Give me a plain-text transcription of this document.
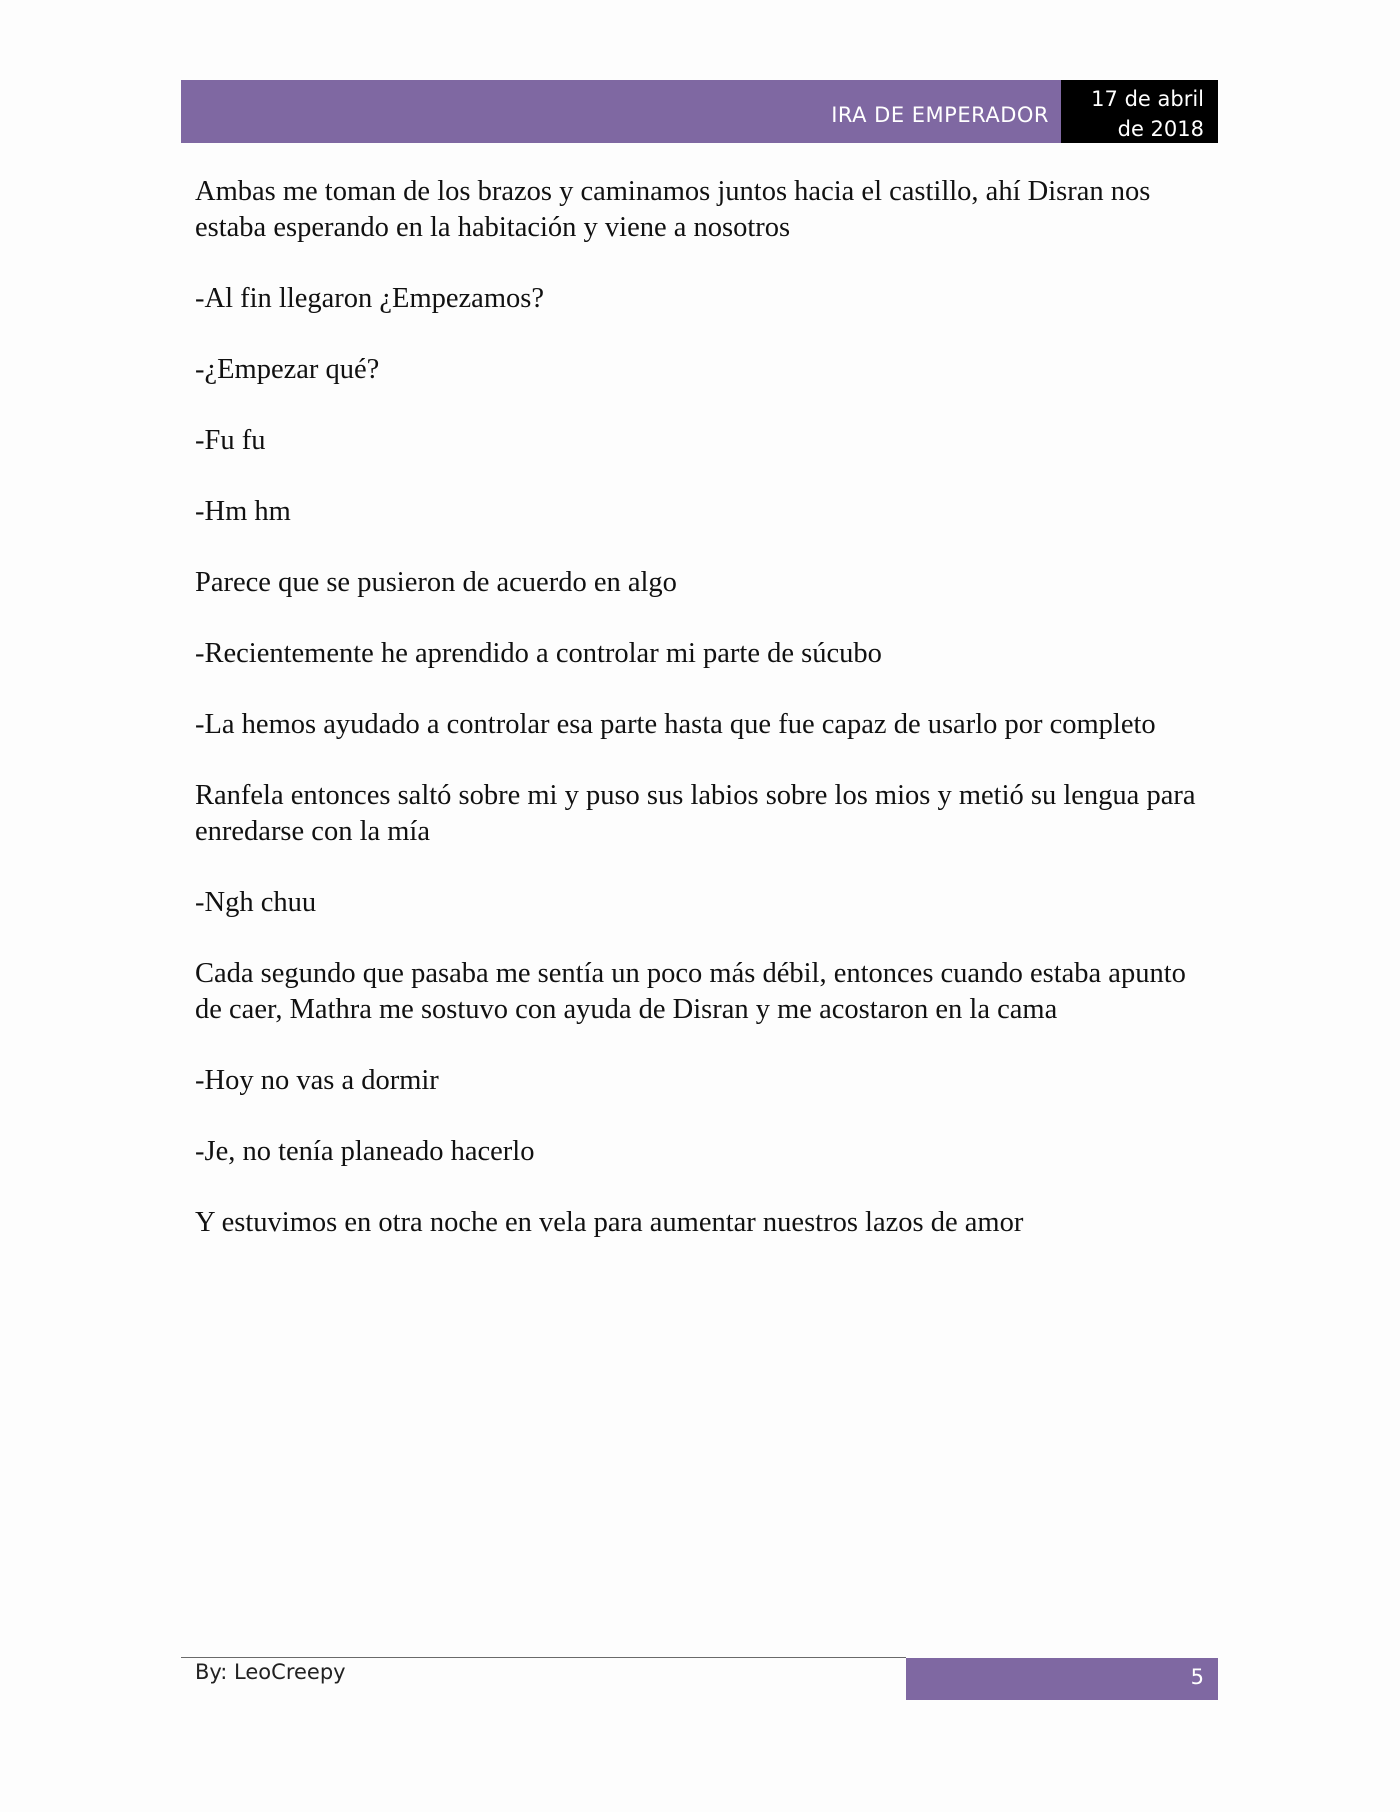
IRA DE EMPERADOR
17 de abril
de 2018

Ambas me toman de los brazos y caminamos juntos hacia el castillo, ahí Disran nos estaba esperando en la habitación y viene a nosotros

-Al fin llegaron ¿Empezamos?

-¿Empezar qué?

-Fu fu

-Hm hm

Parece que se pusieron de acuerdo en algo

-Recientemente he aprendido a controlar mi parte de súcubo

-La hemos ayudado a controlar esa parte hasta que fue capaz de usarlo por completo

Ranfela entonces saltó sobre mi y puso sus labios sobre los mios y metió su lengua para enredarse con la mía

-Ngh chuu

Cada segundo que pasaba me sentía un poco más débil, entonces cuando estaba apunto de caer, Mathra me sostuvo con ayuda de Disran y me acostaron en la cama

-Hoy no vas a dormir

-Je, no tenía planeado hacerlo

Y estuvimos en otra noche en vela para aumentar nuestros lazos de amor

By: LeoCreepy	5
